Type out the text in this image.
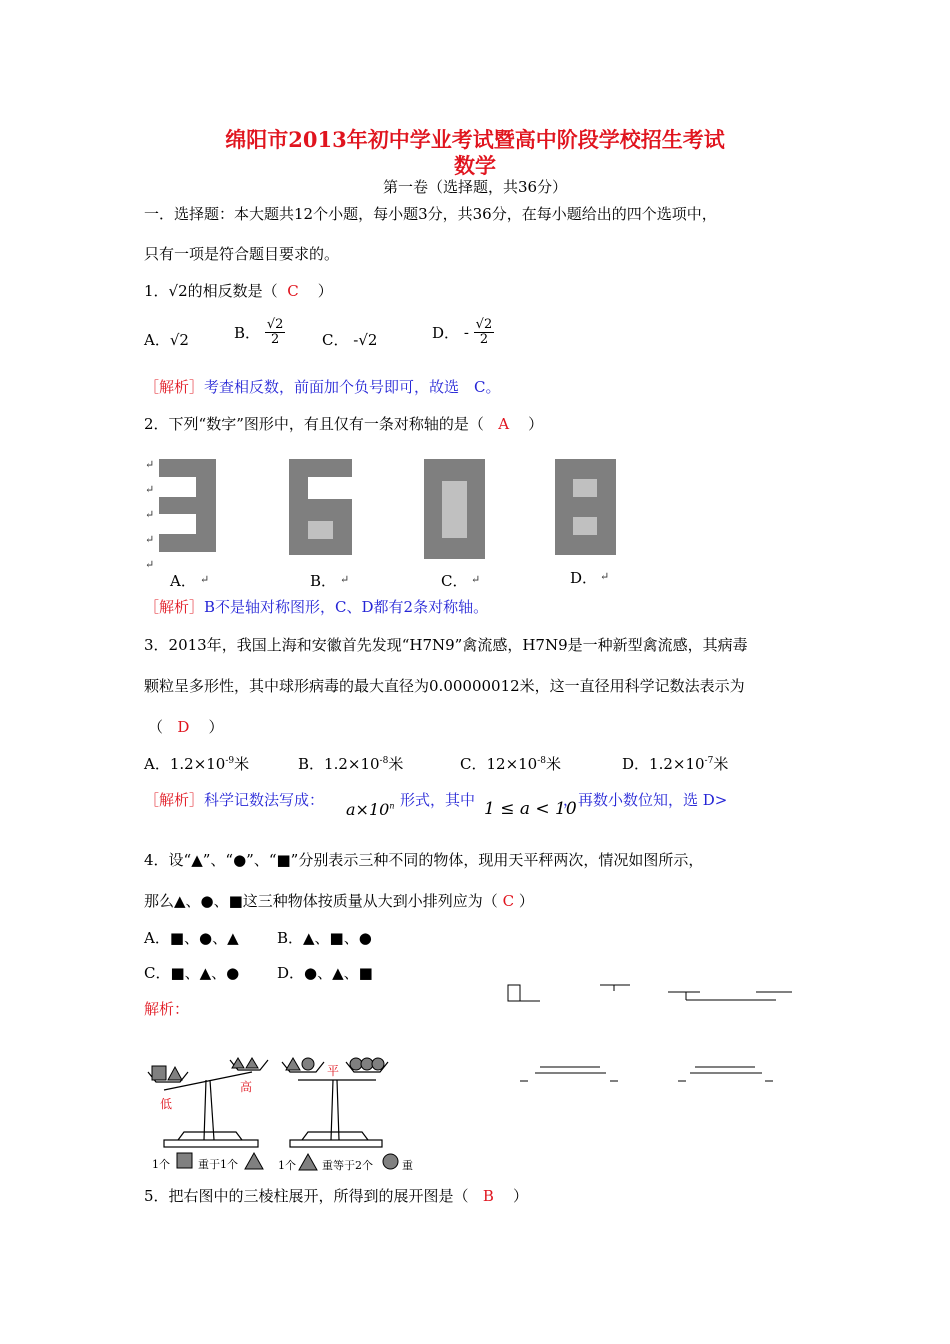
绵阳市2013年初中学业考试暨高中阶段学校招生考试
数学
第一卷（选择题，共36分）
一．选择题：本大题共12个小题，每小题3分，共36分，在每小题给出的四个选项中，
只有一项是符合题目要求的。
1．√2的相反数是（ C ）
A．√2	B． $\frac{√2}{2}$ C． -√2	D． - $\frac{√2}{2}$
［解析］考查相反数，前面加个负号即可，故选　C。
2．下列“数字”图形中，有且仅有一条对称轴的是（ A ）
↵
↵
↵
↵
↵
A．	B．	C．	D．
↵	↵	↵	↵
［解析］B不是轴对称图形，C、D都有2条对称轴。
3．2013年，我国上海和安徽首先发现“H7N9”禽流感，H7N9是一种新型禽流感，其病毒
颗粒呈多形性，其中球形病毒的最大直径为0.00000012米，这一直径用科学记数法表示为
（ D ）
A．$1.2\times 10^{-9}$米	B．$1.2\times 10^{-8}$米	C．$12\times 10^{-8}$米	D．$1.2\times 10^{-7}$米
［解析］科学记数法写成： $a\times 10^n$ 形式，其中 1 ≤ a < 10
，再数小数位知，选 D>
4．设“▲”、“●”、“■”分别表示三种不同的物体，现用天平秤两次，情况如图所示，
那么▲、●、■这三种物体按质量从大到小排列应为（ C ）
A．■、●、▲	B．▲、■、●
C．■、▲、●	D．●、▲、■
解析：
低
高
平
1个	重于1个	1个 重等于2个	重
5．把右图中的三棱柱展开，所得到的展开图是（ B ）
